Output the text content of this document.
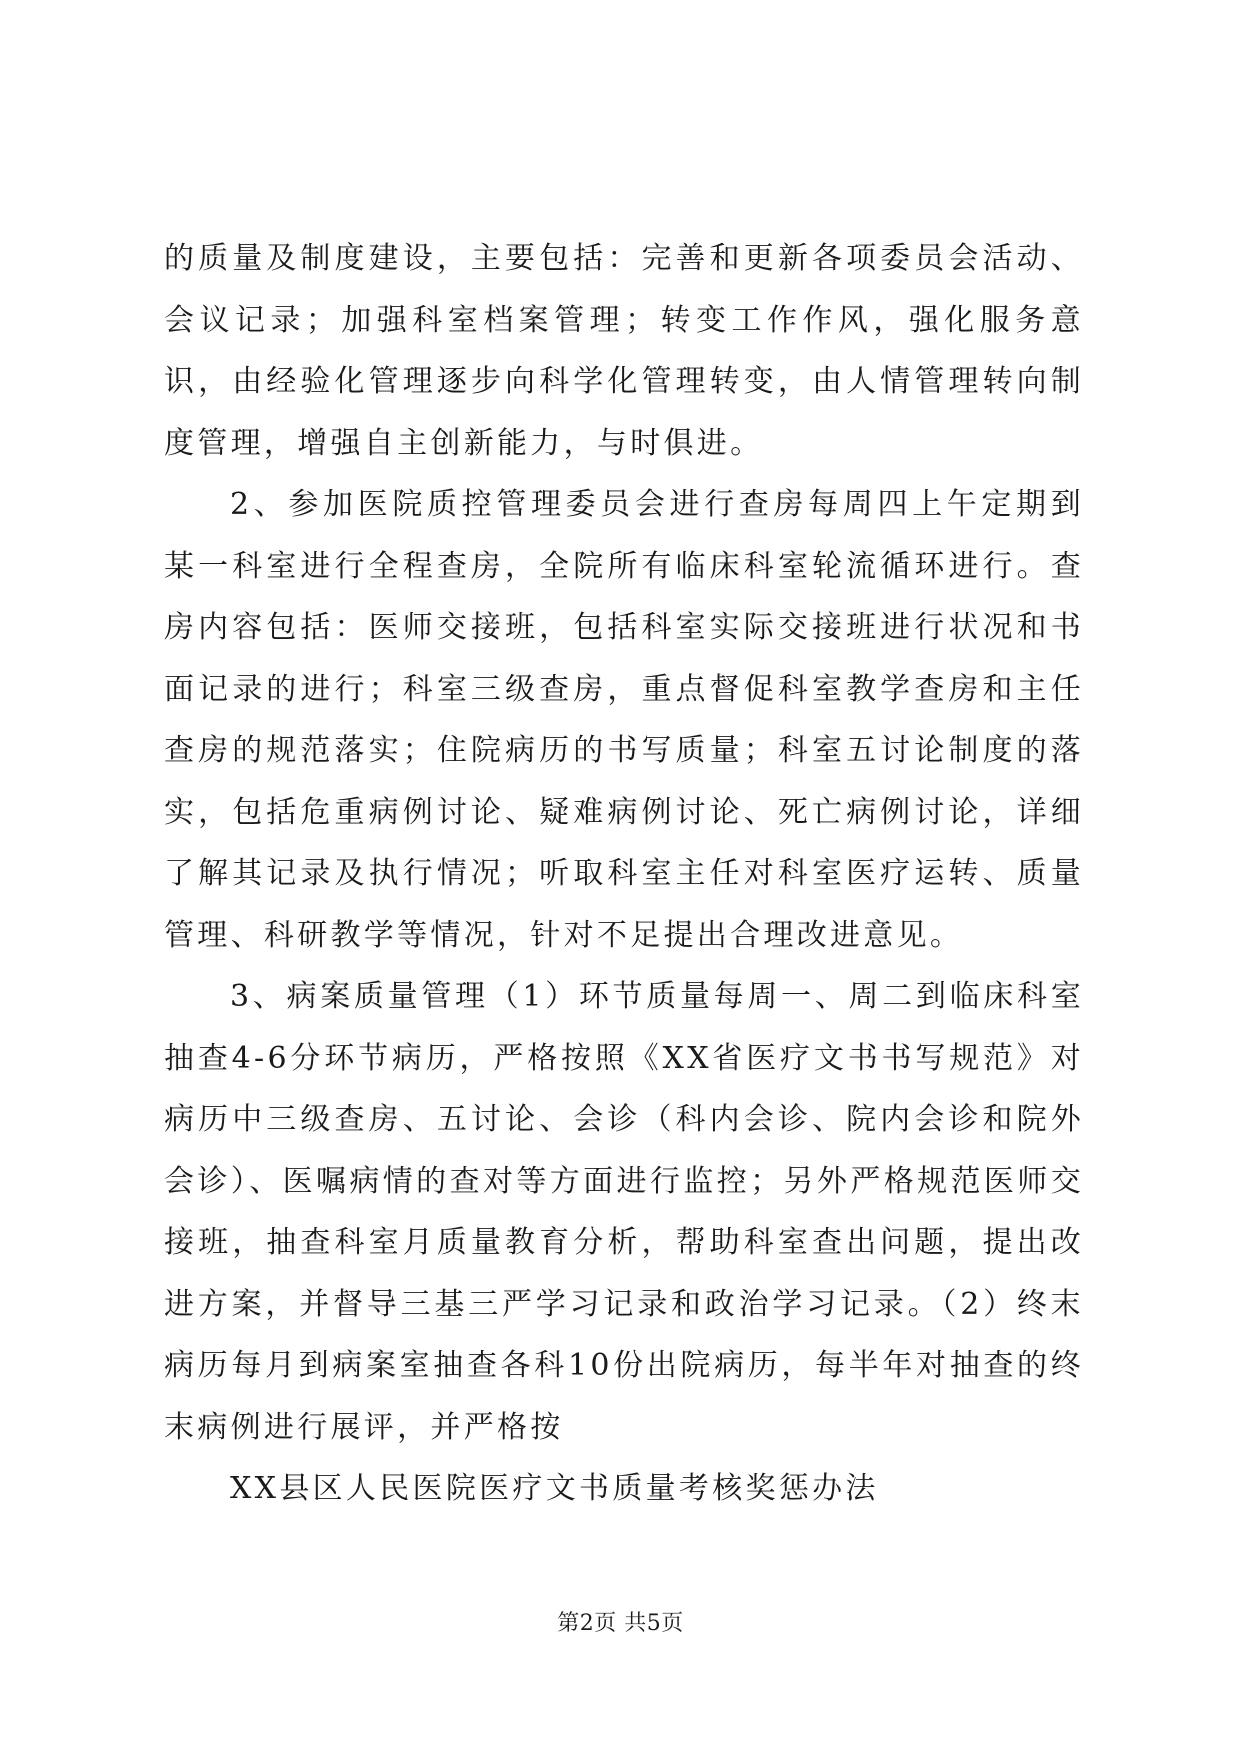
的质量及制度建设，主要包括：完善和更新各项委员会活动、会议记录；加强科室档案管理；转变工作作风，强化服务意识，由经验化管理逐步向科学化管理转变，由人情管理转向制度管理，增强自主创新能力，与时俱进。

2、参加医院质控管理委员会进行查房每周四上午定期到某一科室进行全程查房，全院所有临床科室轮流循环进行。查房内容包括：医师交接班，包括科室实际交接班进行状况和书面记录的进行；科室三级查房，重点督促科室教学查房和主任查房的规范落实；住院病历的书写质量；科室五讨论制度的落实，包括危重病例讨论、疑难病例讨论、死亡病例讨论，详细了解其记录及执行情况；听取科室主任对科室医疗运转、质量管理、科研教学等情况，针对不足提出合理改进意见。

3、病案质量管理（1）环节质量每周一、周二到临床科室抽查4-6分环节病历，严格按照《XX省医疗文书书写规范》对病历中三级查房、五讨论、会诊（科内会诊、院内会诊和院外会诊）、医嘱病情的查对等方面进行监控；另外严格规范医师交接班，抽查科室月质量教育分析，帮助科室查出问题，提出改进方案，并督导三基三严学习记录和政治学习记录。（2）终末病历每月到病案室抽查各科10份出院病历，每半年对抽查的终末病例进行展评，并严格按

XX县区人民医院医疗文书质量考核奖惩办法

第2页 共5页
